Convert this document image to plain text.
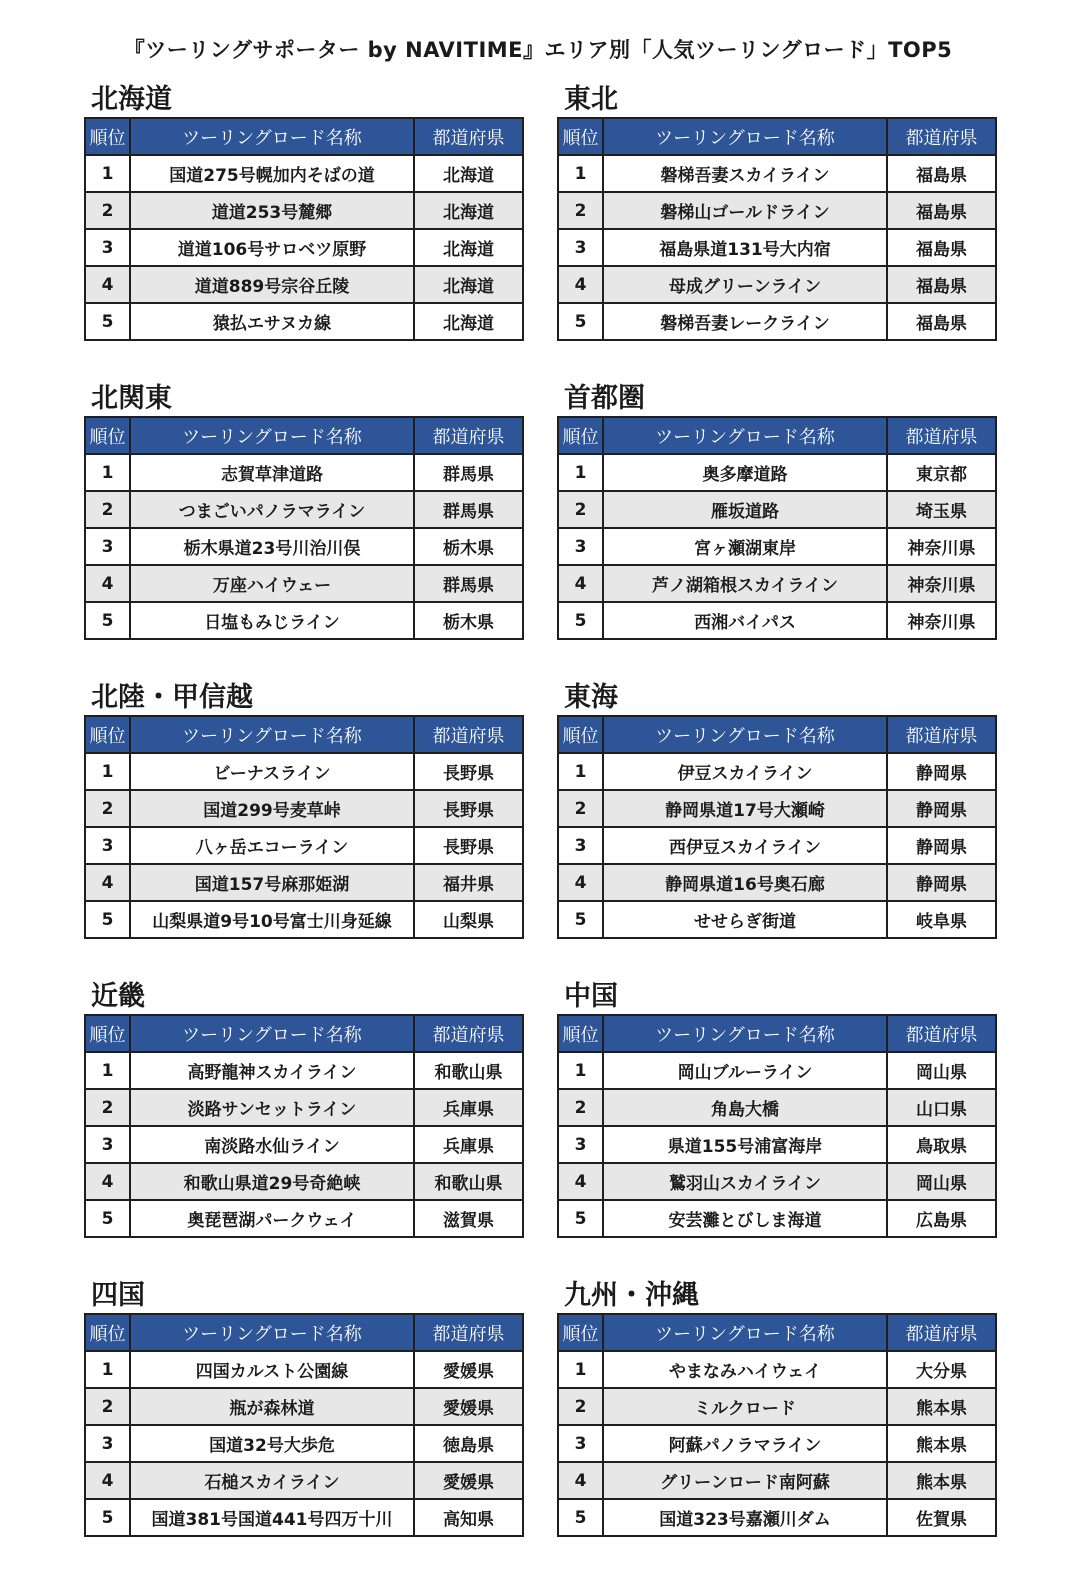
『ツーリングサポーター by NAVITIME』エリア別「人気ツーリングロード」TOP5
北海道
順位	ツーリングロード名称	都道府県
1	国道275号幌加内そばの道	北海道
2	道道253号麓郷	北海道
3	道道106号サロベツ原野	北海道
4	道道889号宗谷丘陵	北海道
5	猿払エサヌカ線	北海道
東北
順位	ツーリングロード名称	都道府県
1	磐梯吾妻スカイライン	福島県
2	磐梯山ゴールドライン	福島県
3	福島県道131号大内宿	福島県
4	母成グリーンライン	福島県
5	磐梯吾妻レークライン	福島県
北関東
順位	ツーリングロード名称	都道府県
1	志賀草津道路	群馬県
2	つまごいパノラマライン	群馬県
3	栃木県道23号川治川俣	栃木県
4	万座ハイウェー	群馬県
5	日塩もみじライン	栃木県
首都圏
順位	ツーリングロード名称	都道府県
1	奥多摩道路	東京都
2	雁坂道路	埼玉県
3	宮ヶ瀬湖東岸	神奈川県
4	芦ノ湖箱根スカイライン	神奈川県
5	西湘バイパス	神奈川県
北陸・甲信越
順位	ツーリングロード名称	都道府県
1	ビーナスライン	長野県
2	国道299号麦草峠	長野県
3	八ヶ岳エコーライン	長野県
4	国道157号麻那姫湖	福井県
5	山梨県道9号10号富士川身延線	山梨県
東海
順位	ツーリングロード名称	都道府県
1	伊豆スカイライン	静岡県
2	静岡県道17号大瀬崎	静岡県
3	西伊豆スカイライン	静岡県
4	静岡県道16号奥石廊	静岡県
5	せせらぎ街道	岐阜県
近畿
順位	ツーリングロード名称	都道府県
1	高野龍神スカイライン	和歌山県
2	淡路サンセットライン	兵庫県
3	南淡路水仙ライン	兵庫県
4	和歌山県道29号奇絶峡	和歌山県
5	奥琵琶湖パークウェイ	滋賀県
中国
順位	ツーリングロード名称	都道府県
1	岡山ブルーライン	岡山県
2	角島大橋	山口県
3	県道155号浦富海岸	鳥取県
4	鷲羽山スカイライン	岡山県
5	安芸灘とびしま海道	広島県
四国
順位	ツーリングロード名称	都道府県
1	四国カルスト公園線	愛媛県
2	瓶が森林道	愛媛県
3	国道32号大歩危	徳島県
4	石槌スカイライン	愛媛県
5	国道381号国道441号四万十川	高知県
九州・沖縄
順位	ツーリングロード名称	都道府県
1	やまなみハイウェイ	大分県
2	ミルクロード	熊本県
3	阿蘇パノラマライン	熊本県
4	グリーンロード南阿蘇	熊本県
5	国道323号嘉瀬川ダム	佐賀県
